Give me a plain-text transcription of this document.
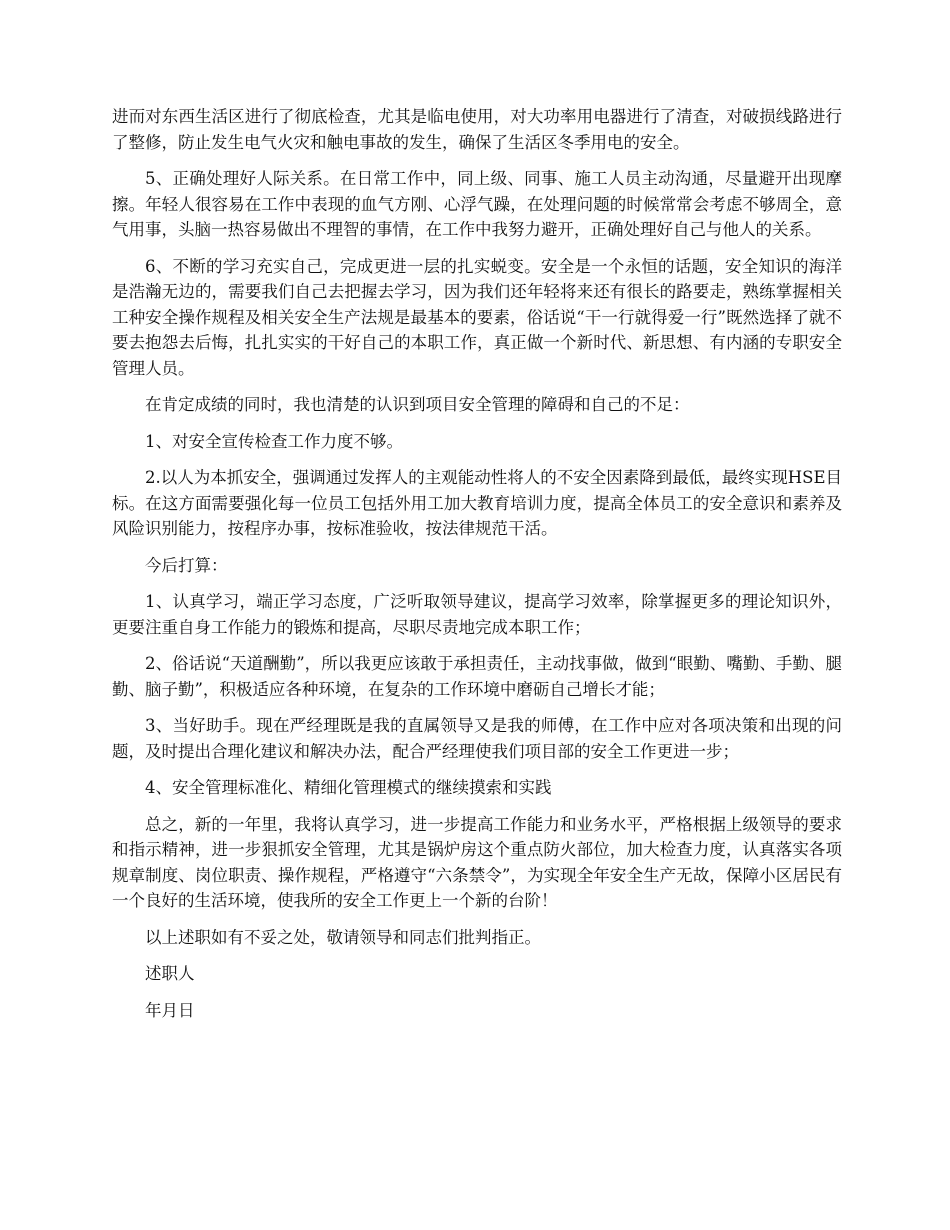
进而对东西生活区进行了彻底检查，尤其是临电使用，对大功率用电器进行了清查，对破损线路进行了整修，防止发生电气火灾和触电事故的发生，确保了生活区冬季用电的安全。

5、正确处理好人际关系。在日常工作中，同上级、同事、施工人员主动沟通，尽量避开出现摩擦。年轻人很容易在工作中表现的血气方刚、心浮气躁，在处理问题的时候常常会考虑不够周全，意气用事，头脑一热容易做出不理智的事情，在工作中我努力避开，正确处理好自己与他人的关系。

6、不断的学习充实自己，完成更进一层的扎实蜕变。安全是一个永恒的话题，安全知识的海洋是浩瀚无边的，需要我们自己去把握去学习，因为我们还年轻将来还有很长的路要走，熟练掌握相关工种安全操作规程及相关安全生产法规是最基本的要素，俗话说“干一行就得爱一行”既然选择了就不要去抱怨去后悔，扎扎实实的干好自己的本职工作，真正做一个新时代、新思想、有内涵的专职安全管理人员。

在肯定成绩的同时，我也清楚的认识到项目安全管理的障碍和自己的不足：

1、对安全宣传检查工作力度不够。

2.以人为本抓安全，强调通过发挥人的主观能动性将人的不安全因素降到最低，最终实现HSE目标。在这方面需要强化每一位员工包括外用工加大教育培训力度，提高全体员工的安全意识和素养及风险识别能力，按程序办事，按标准验收，按法律规范干活。

今后打算：

1、认真学习，端正学习态度，广泛听取领导建议，提高学习效率，除掌握更多的理论知识外，更要注重自身工作能力的锻炼和提高，尽职尽责地完成本职工作；

2、俗话说“天道酬勤”，所以我更应该敢于承担责任，主动找事做，做到“眼勤、嘴勤、手勤、腿勤、脑子勤”，积极适应各种环境，在复杂的工作环境中磨砺自己增长才能；

3、当好助手。现在严经理既是我的直属领导又是我的师傅，在工作中应对各项决策和出现的问题，及时提出合理化建议和解决办法，配合严经理使我们项目部的安全工作更进一步；

4、安全管理标准化、精细化管理模式的继续摸索和实践

总之，新的一年里，我将认真学习，进一步提高工作能力和业务水平，严格根据上级领导的要求和指示精神，进一步狠抓安全管理，尤其是锅炉房这个重点防火部位，加大检查力度，认真落实各项规章制度、岗位职责、操作规程，严格遵守“六条禁令”，为实现全年安全生产无故，保障小区居民有一个良好的生活环境，使我所的安全工作更上一个新的台阶！

以上述职如有不妥之处，敬请领导和同志们批判指正。

述职人

年月日
